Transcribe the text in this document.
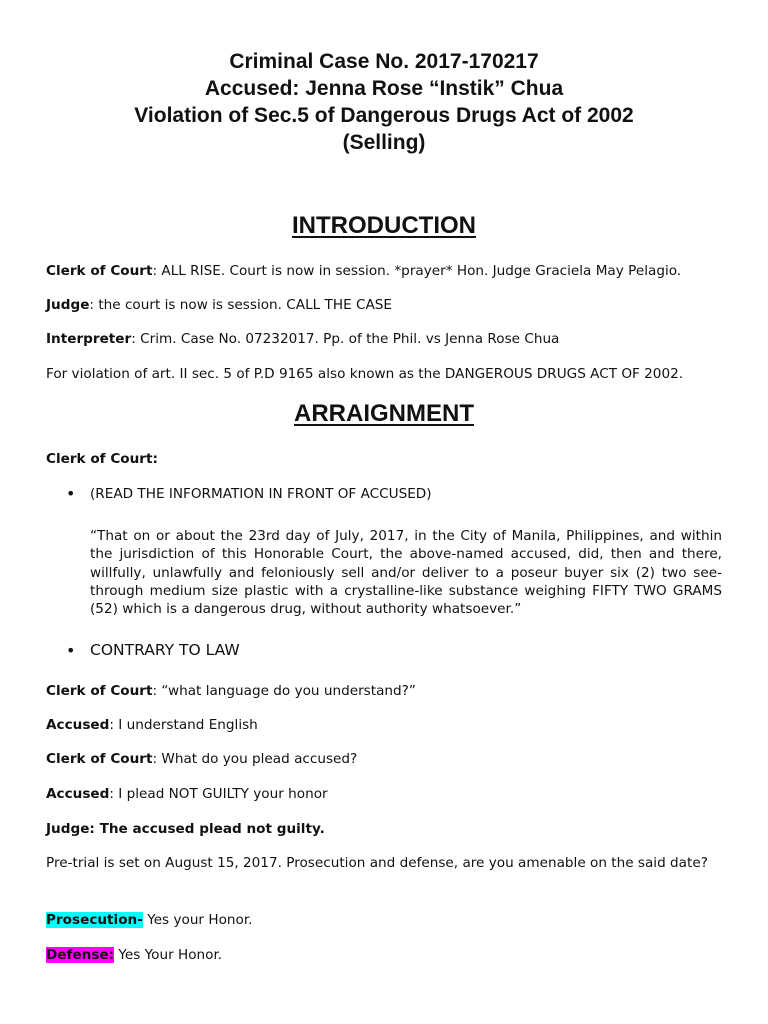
Criminal Case No. 2017-170217
Accused: Jenna Rose “Instik” Chua
Violation of Sec.5 of Dangerous Drugs Act of 2002
(Selling)
INTRODUCTION
Clerk of Court: ALL RISE. Court is now in session. *prayer* Hon. Judge Graciela May Pelagio.
Judge: the court is now is session. CALL THE CASE
Interpreter: Crim. Case No. 07232017. Pp. of the Phil. vs Jenna Rose Chua
For violation of art. II sec. 5 of P.D 9165 also known as the DANGEROUS DRUGS ACT OF 2002.
ARRAIGNMENT
Clerk of Court:
• (READ THE INFORMATION IN FRONT OF ACCUSED)
“That on or about the 23rd day of July, 2017, in the City of Manila, Philippines, and within the jurisdiction of this Honorable Court, the above-named accused, did, then and there, willfully, unlawfully and feloniously sell and/or deliver to a poseur buyer six (2) two see-through medium size plastic with a crystalline-like substance weighing FIFTY TWO GRAMS (52) which is a dangerous drug, without authority whatsoever.”
• CONTRARY TO LAW
Clerk of Court: “what language do you understand?”
Accused: I understand English
Clerk of Court: What do you plead accused?
Accused: I plead NOT GUILTY your honor
Judge: The accused plead not guilty.
Pre-trial is set on August 15, 2017. Prosecution and defense, are you amenable on the said date?
Prosecution- Yes your Honor.
Defense: Yes Your Honor.
